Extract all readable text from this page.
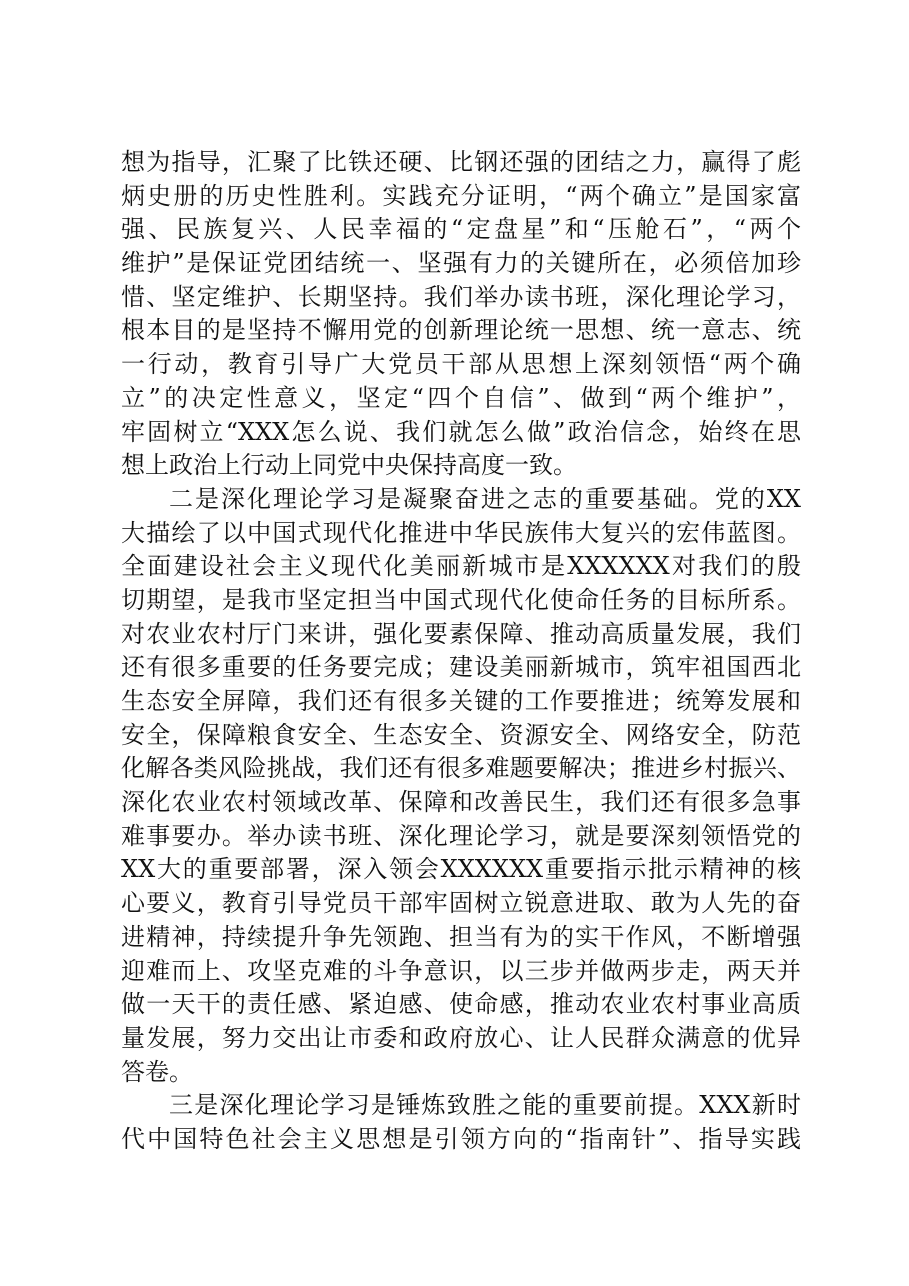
想为指导，汇聚了比铁还硬、比钢还强的团结之力，赢得了彪
炳史册的历史性胜利。实践充分证明，“两个确立”是国家富
强、民族复兴、人民幸福的“定盘星”和“压舱石”，“两个
维护”是保证党团结统一、坚强有力的关键所在，必须倍加珍
惜、坚定维护、长期坚持。我们举办读书班，深化理论学习，
根本目的是坚持不懈用党的创新理论统一思想、统一意志、统
一行动，教育引导广大党员干部从思想上深刻领悟“两个确
立”的决定性意义，坚定“四个自信”、做到“两个维护”，
牢固树立“XXX怎么说、我们就怎么做”政治信念，始终在思
想上政治上行动上同党中央保持高度一致。
二是深化理论学习是凝聚奋进之志的重要基础。党的XX
大描绘了以中国式现代化推进中华民族伟大复兴的宏伟蓝图。
全面建设社会主义现代化美丽新城市是XXXXXX对我们的殷
切期望，是我市坚定担当中国式现代化使命任务的目标所系。
对农业农村厅门来讲，强化要素保障、推动高质量发展，我们
还有很多重要的任务要完成；建设美丽新城市，筑牢祖国西北
生态安全屏障，我们还有很多关键的工作要推进；统筹发展和
安全，保障粮食安全、生态安全、资源安全、网络安全，防范
化解各类风险挑战，我们还有很多难题要解决；推进乡村振兴、
深化农业农村领域改革、保障和改善民生，我们还有很多急事
难事要办。举办读书班、深化理论学习，就是要深刻领悟党的
XX大的重要部署，深入领会XXXXXX重要指示批示精神的核
心要义，教育引导党员干部牢固树立锐意进取、敢为人先的奋
进精神，持续提升争先领跑、担当有为的实干作风，不断增强
迎难而上、攻坚克难的斗争意识，以三步并做两步走，两天并
做一天干的责任感、紧迫感、使命感，推动农业农村事业高质
量发展，努力交出让市委和政府放心、让人民群众满意的优异
答卷。
三是深化理论学习是锤炼致胜之能的重要前提。XXX新时
代中国特色社会主义思想是引领方向的“指南针”、指导实践
